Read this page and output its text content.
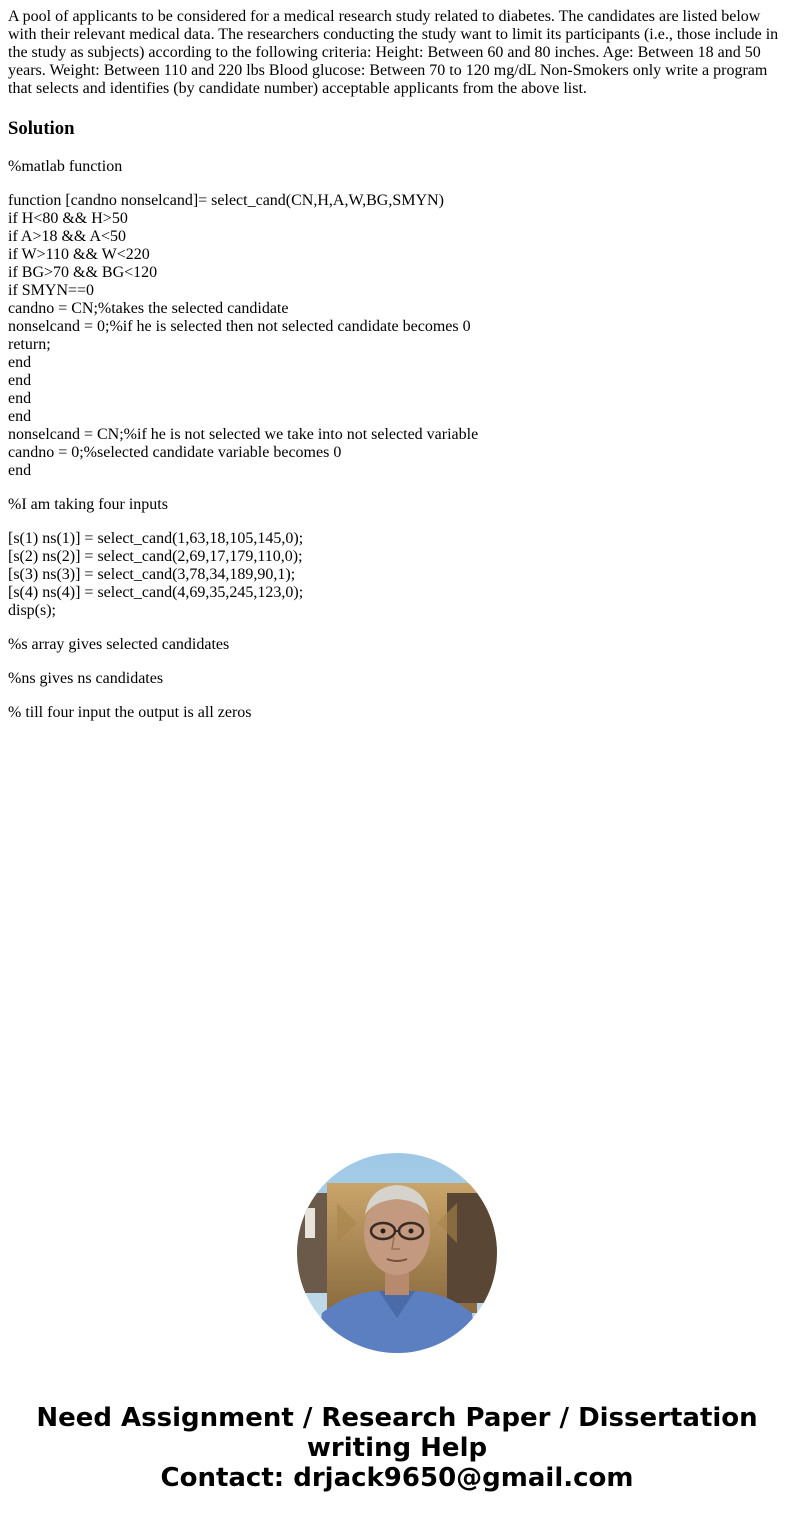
A pool of applicants to be considered for a medical research study related to diabetes. The candidates are listed below with their relevant medical data. The researchers conducting the study want to limit its participants (i.e., those include in the study as subjects) according to the following criteria: Height: Between 60 and 80 inches. Age: Between 18 and 50 years. Weight: Between 110 and 220 lbs Blood glucose: Between 70 to 120 mg/dL Non-Smokers only write a program that selects and identifies (by candidate number) acceptable applicants from the above list.

Solution

%matlab function

function [candno nonselcand]= select_cand(CN,H,A,W,BG,SMYN)
if H<80 && H>50
if A>18 && A<50
if W>110 && W<220
if BG>70 && BG<120
if SMYN==0
candno = CN;%takes the selected candidate
nonselcand = 0;%if he is selected then not selected candidate becomes 0
return;
end
end
end
end
nonselcand = CN;%if he is not selected we take into not selected variable
candno = 0;%selected candidate variable becomes 0
end

%I am taking four inputs

[s(1) ns(1)] = select_cand(1,63,18,105,145,0);
[s(2) ns(2)] = select_cand(2,69,17,179,110,0);
[s(3) ns(3)] = select_cand(3,78,34,189,90,1);
[s(4) ns(4)] = select_cand(4,69,35,245,123,0);
disp(s);

%s array gives selected candidates

%ns gives ns candidates

% till four input the output is all zeros

Need Assignment / Research Paper / Dissertation
writing Help
Contact: drjack9650@gmail.com
